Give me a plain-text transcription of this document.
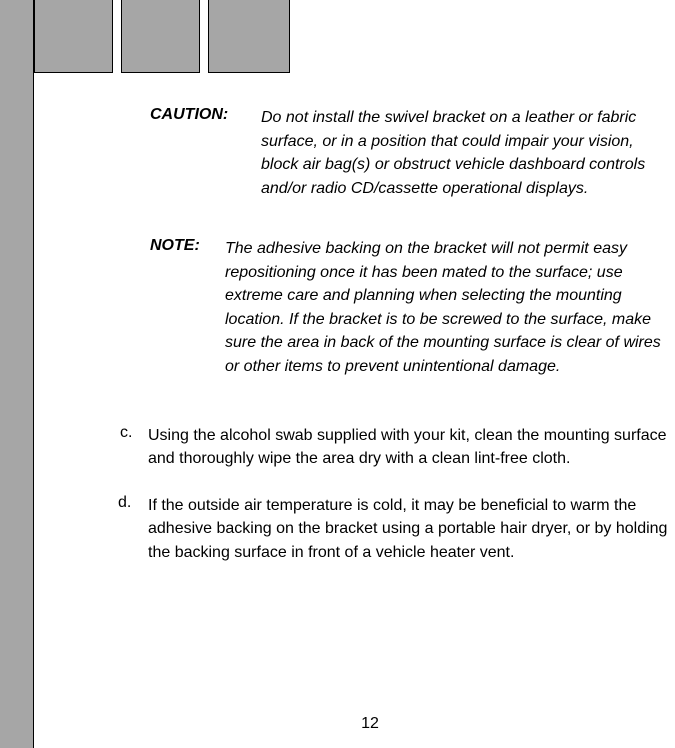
CAUTION: Do not install the swivel bracket on a leather or fabric surface, or in a position that could impair your vision, block air bag(s) or obstruct vehicle dashboard controls and/or radio CD/cassette operational displays.

NOTE: The adhesive backing on the bracket will not permit easy repositioning once it has been mated to the surface; use extreme care and planning when selecting the mounting location. If the bracket is to be screwed to the surface, make sure the area in back of the mounting surface is clear of wires or other items to prevent unintentional damage.

c. Using the alcohol swab supplied with your kit, clean the mounting surface and thoroughly wipe the area dry with a clean lint-free cloth.

d. If the outside air temperature is cold, it may be beneficial to warm the adhesive backing on the bracket using a portable hair dryer, or by holding the backing surface in front of a vehicle heater vent.

12
